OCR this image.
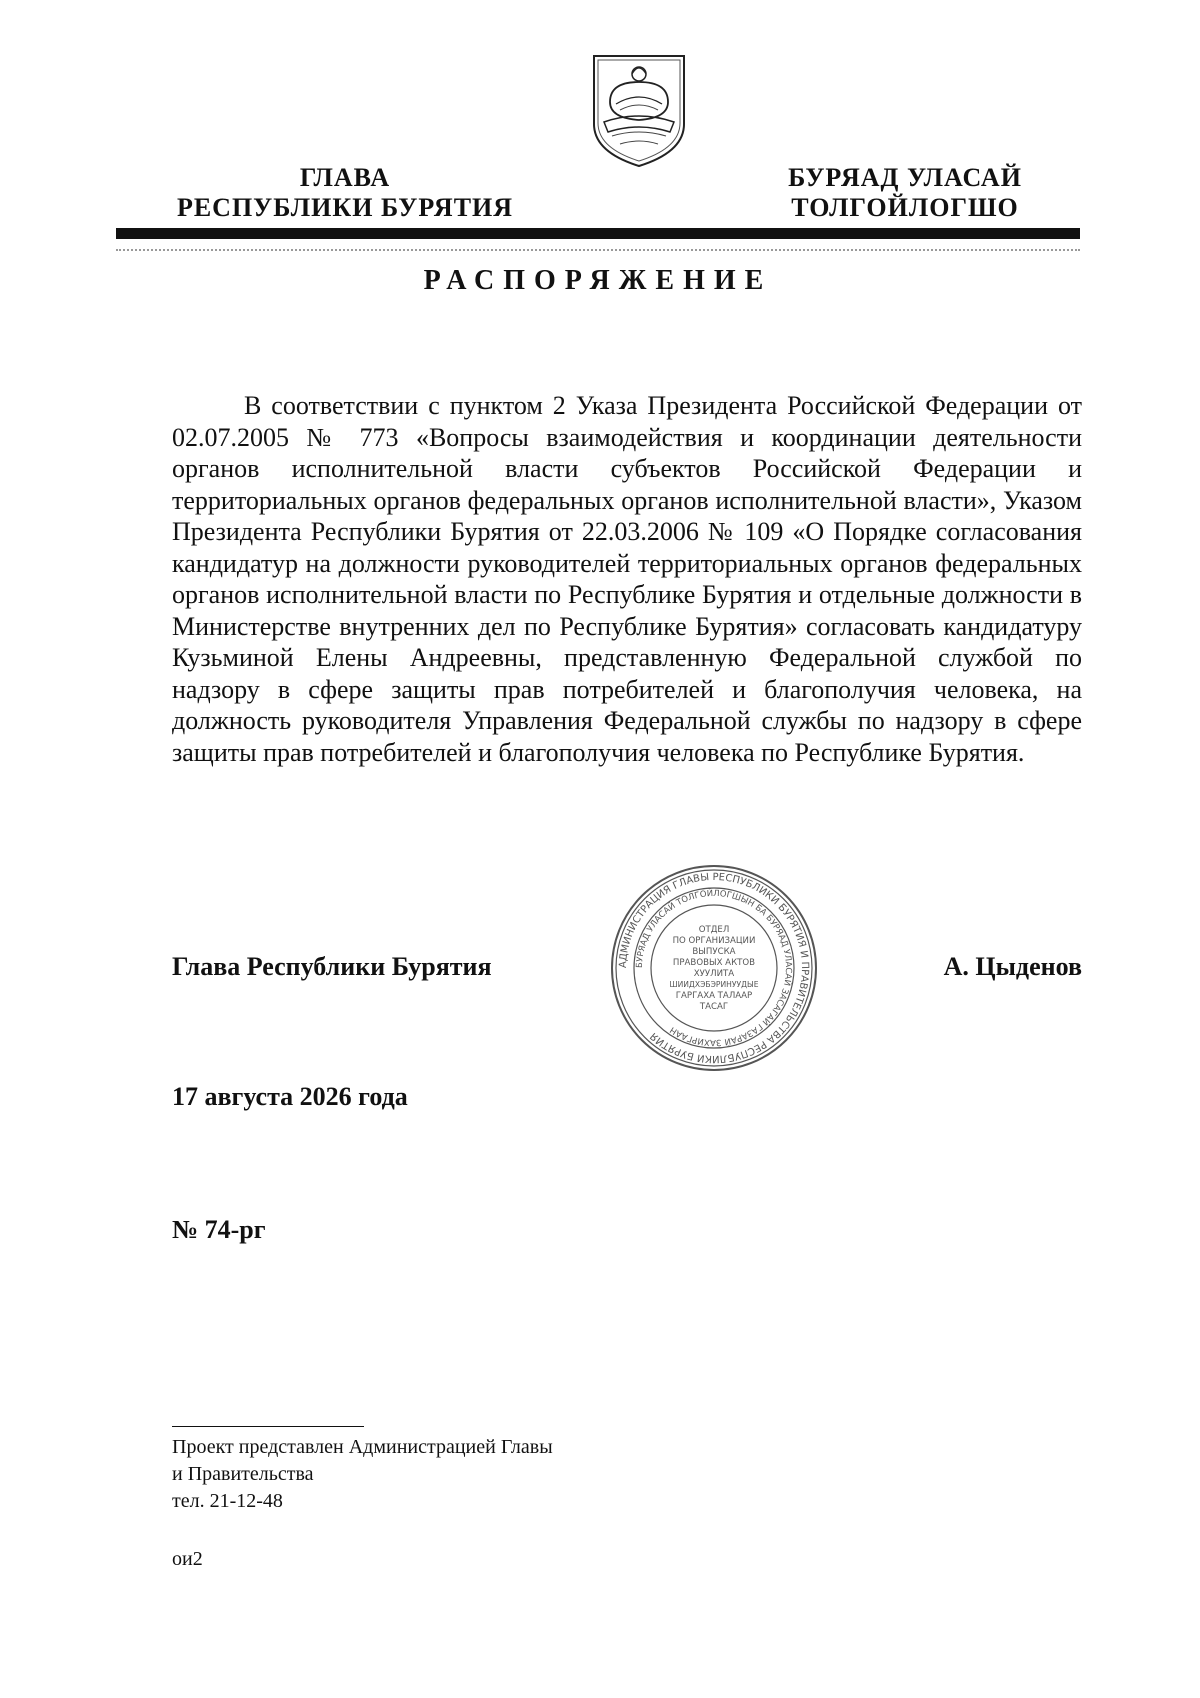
ГЛАВА
РЕСПУБЛИКИ БУРЯТИЯ
БУРЯАД УЛАСАЙ
ТОЛГОЙЛОГШО
РАСПОРЯЖЕНИЕ

В соответствии с пунктом 2 Указа Президента Российской Федерации от 02.07.2005 № 773 «Вопросы взаимодействия и координации деятельности органов исполнительной власти субъектов Российской Федерации и территориальных органов федеральных органов исполнительной власти», Указом Президента Республики Бурятия от 22.03.2006 № 109 «О Порядке согласования кандидатур на должности руководителей территориальных органов федеральных органов исполнительной власти по Республике Бурятия и отдельные должности в Министерстве внутренних дел по Республике Бурятия» согласовать кандидатуру Кузьминой Елены Андреевны, представленную Федеральной службой по надзору в сфере защиты прав потребителей и благополучия человека, на должность руководителя Управления Федеральной службы по надзору в сфере защиты прав потребителей и благополучия человека по Республике Бурятия.

Глава Республики Бурятия	АДМИНИСТРАЦИЯ ГЛАВЫ РЕСПУБЛИКИ БУРЯТИЯ И ПРАВИТЕЛЬСТВА РЕСПУБЛИКИ БУРЯТИЯ
БУРЯАД УЛАСАЙ ТОЛГОЙЛОГШЫН БА БУРЯАД УЛАСАЙ ЗАСАГАЙ ГАЗАРАЙ ЗАХИРГААН
ОТДЕЛ
ПО ОРГАНИЗАЦИИ
ВЫПУСКА
ПРАВОВЫХ АКТОВ
ХУУЛИТА
ШИИДХЭБЭРИНУУДЫЕ
ГАРГАХА ТАЛААР
ТАСАГ
А. Цыденов
17 августа 2026 года
№ 74-рг
Проект представлен Администрацией Главы
и Правительства
тел. 21-12-48
ои2
